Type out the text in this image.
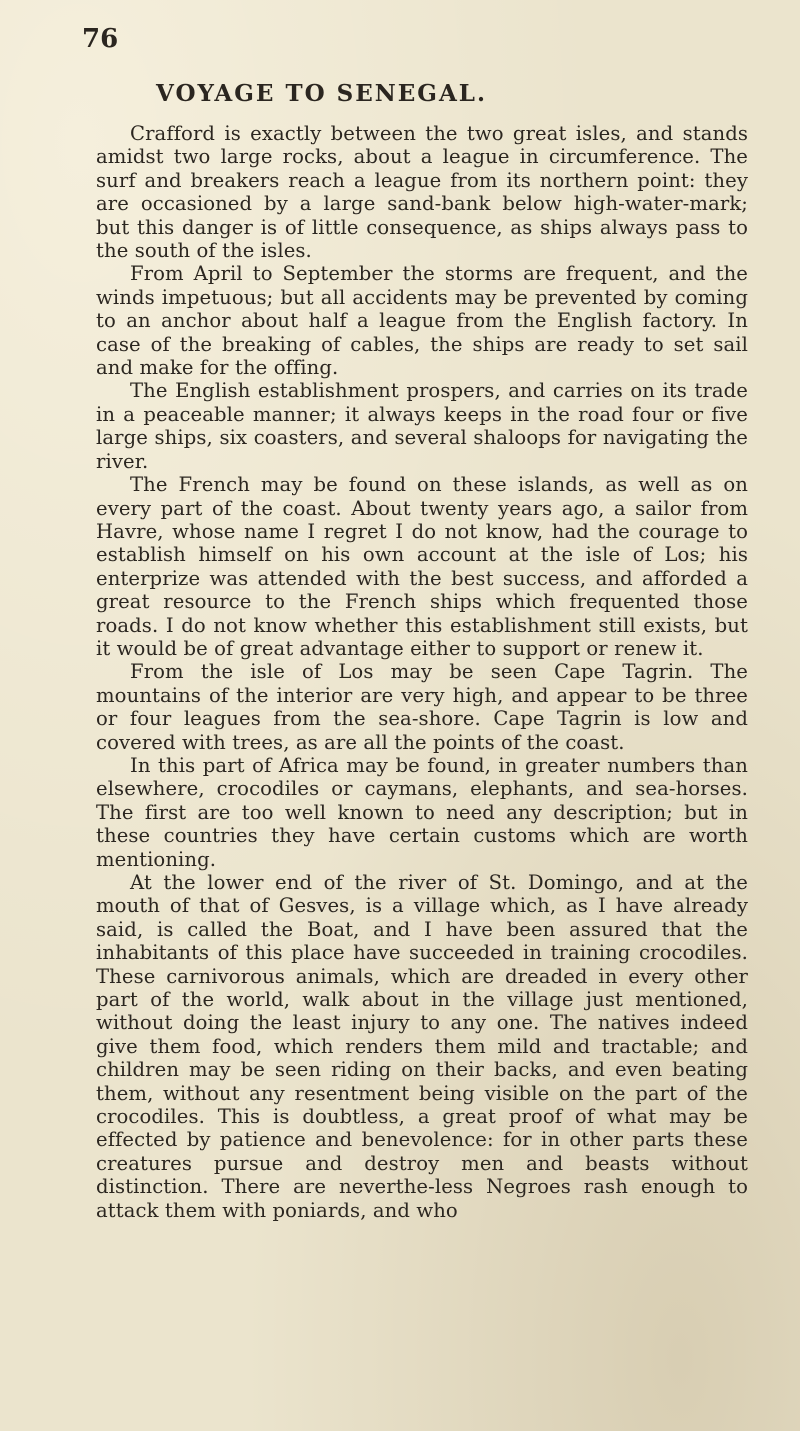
76
VOYAGE TO SENEGAL.

Crafford is exactly between the two great isles, and stands amidst two large rocks, about a league in circumference. The surf and breakers reach a league from its northern point: they are occasioned by a large sand-bank below high-water-mark; but this danger is of little consequence, as ships always pass to the south of the isles.

From April to September the storms are frequent, and the winds impetuous; but all accidents may be prevented by coming to an anchor about half a league from the English factory. In case of the breaking of cables, the ships are ready to set sail and make for the offing.

The English establishment prospers, and carries on its trade in a peaceable manner; it always keeps in the road four or five large ships, six coasters, and several shaloops for navigating the river.

The French may be found on these islands, as well as on every part of the coast. About twenty years ago, a sailor from Havre, whose name I regret I do not know, had the courage to establish himself on his own account at the isle of Los; his enterprize was attended with the best success, and afforded a great resource to the French ships which frequented those roads. I do not know whether this establishment still exists, but it would be of great advantage either to support or renew it.

From the isle of Los may be seen Cape Tagrin. The mountains of the interior are very high, and appear to be three or four leagues from the sea-shore. Cape Tagrin is low and covered with trees, as are all the points of the coast.

In this part of Africa may be found, in greater numbers than elsewhere, crocodiles or caymans, elephants, and sea-horses. The first are too well known to need any description; but in these countries they have certain customs which are worth mentioning.

At the lower end of the river of St. Domingo, and at the mouth of that of Gesves, is a village which, as I have already said, is called the Boat, and I have been assured that the inhabitants of this place have succeeded in training crocodiles. These carnivorous animals, which are dreaded in every other part of the world, walk about in the village just mentioned, without doing the least injury to any one. The natives indeed give them food, which renders them mild and tractable; and children may be seen riding on their backs, and even beating them, without any resentment being visible on the part of the crocodiles. This is doubtless, a great proof of what may be effected by patience and benevolence: for in other parts these creatures pursue and destroy men and beasts without distinction. There are neverthe-less Negroes rash enough to attack them with poniards, and who
